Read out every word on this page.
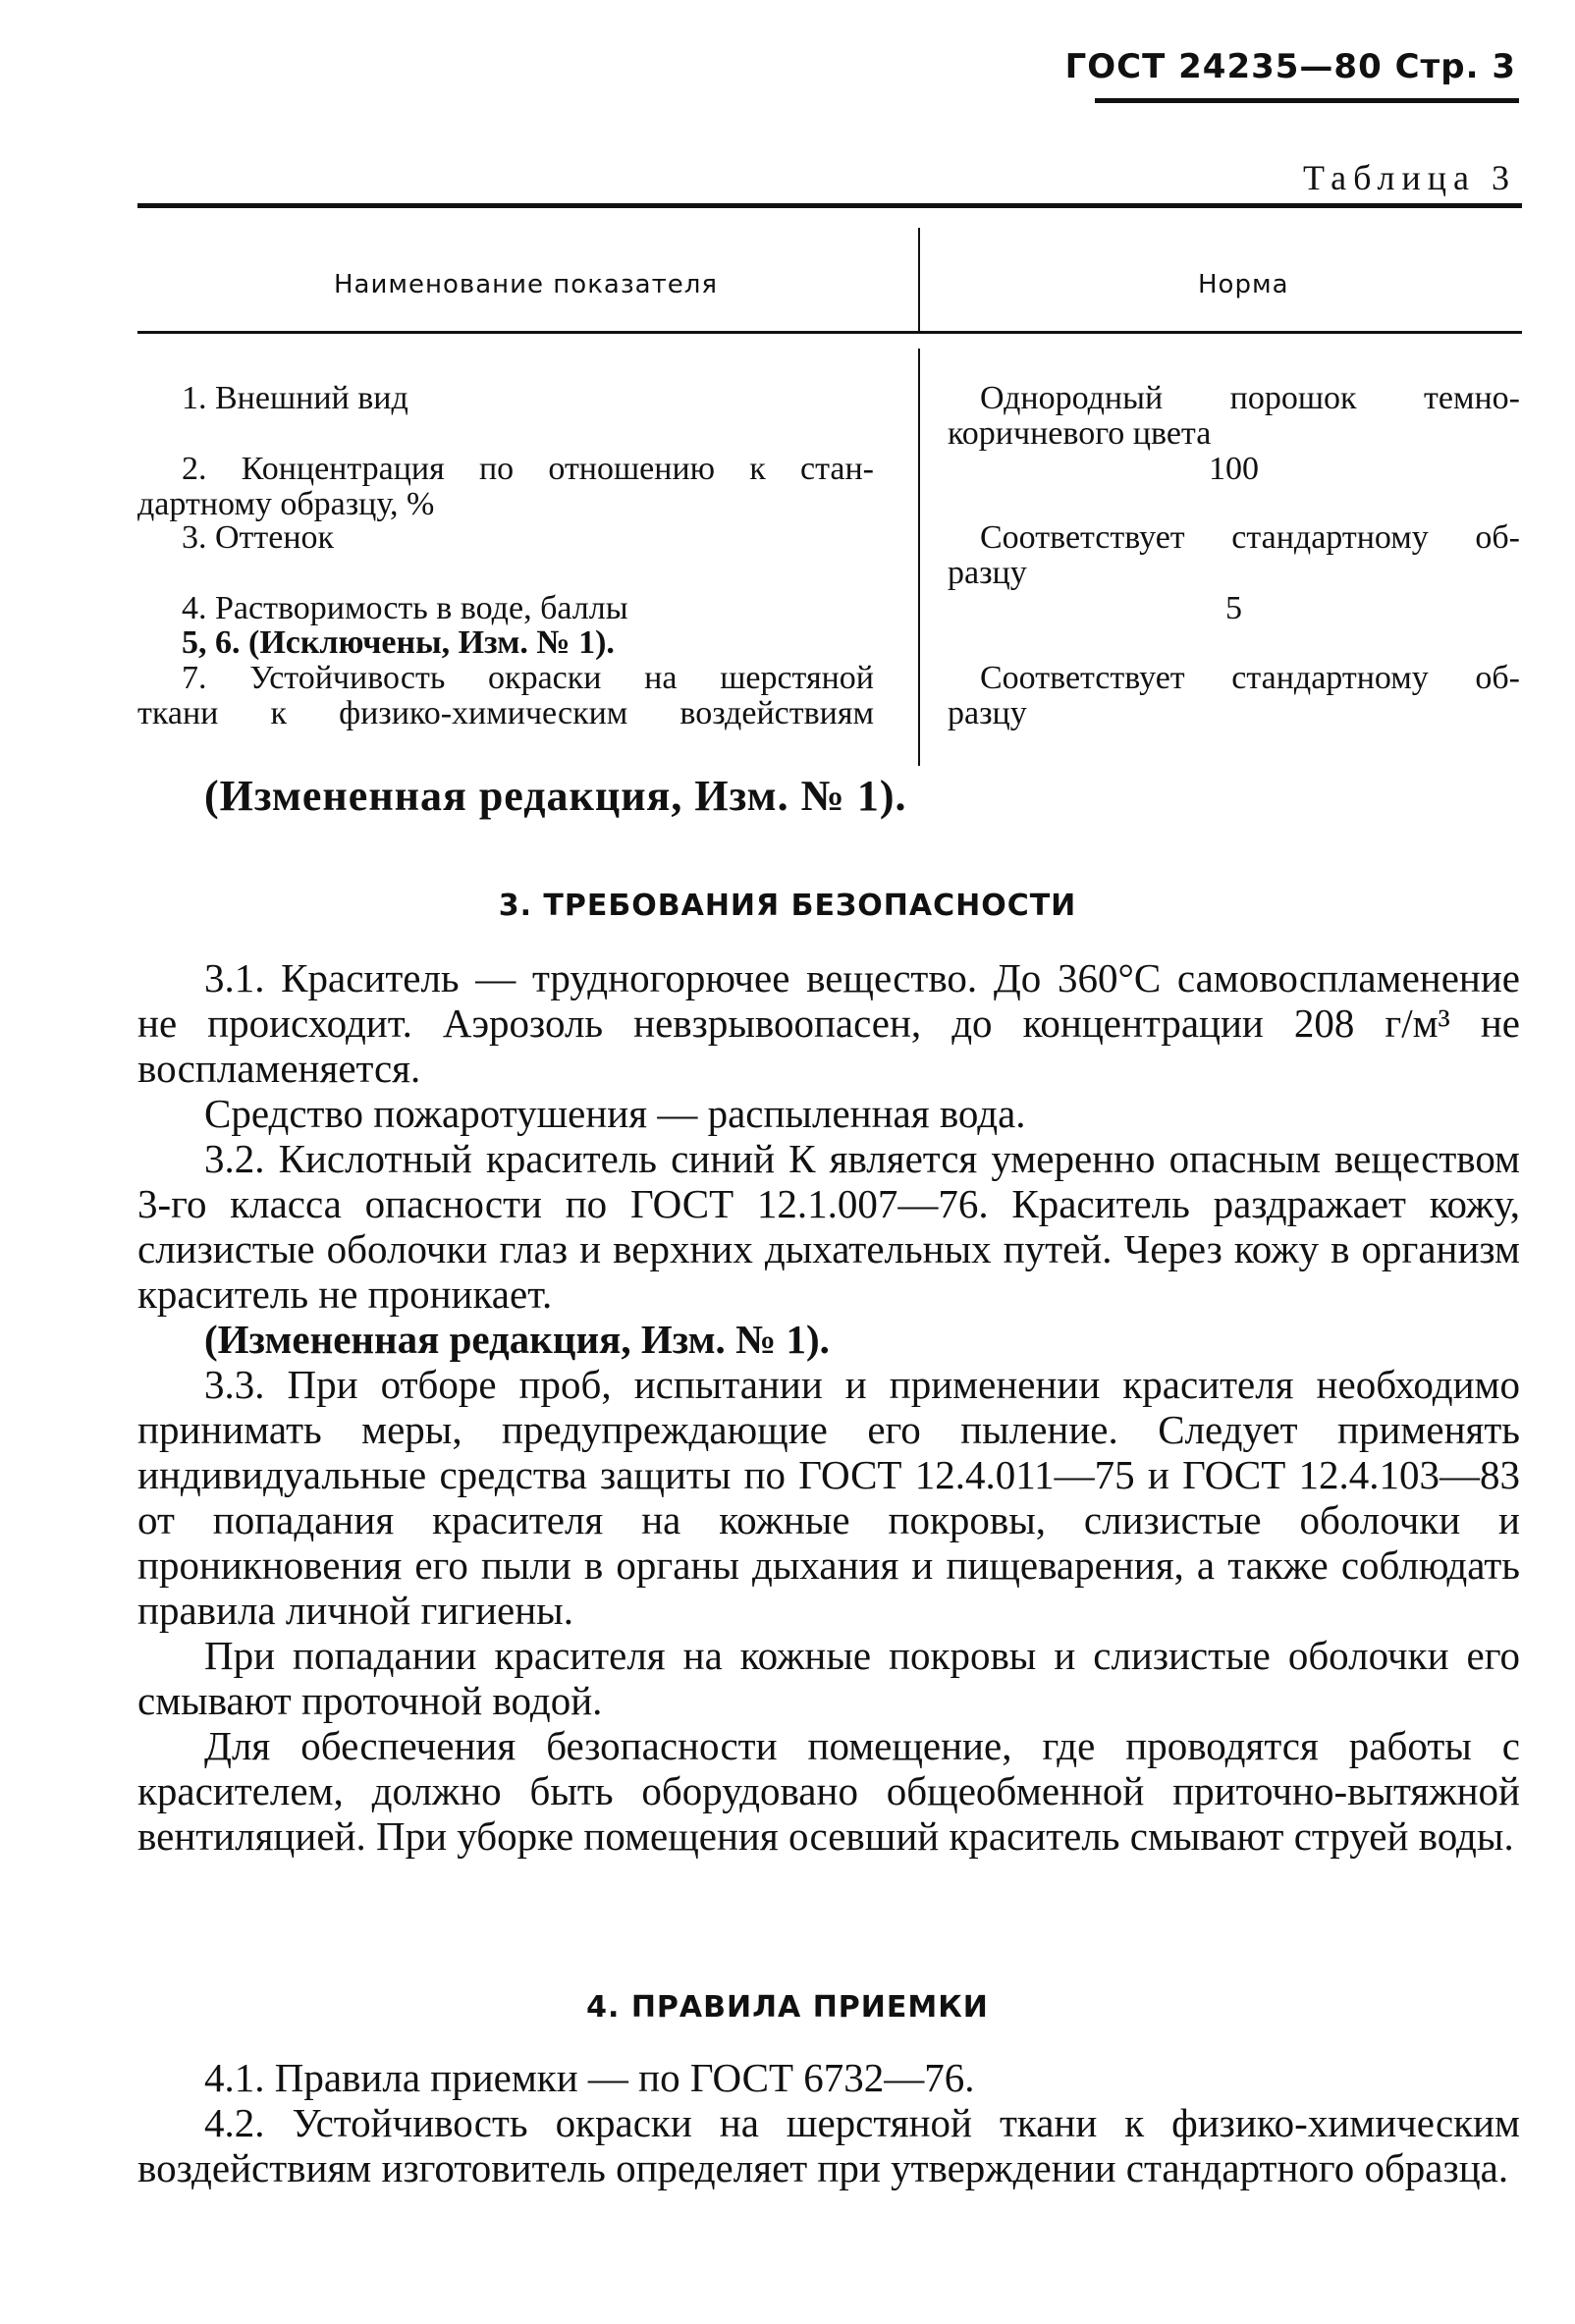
ГОСТ 24235—80 Стр. 3
Таблица 3
Наименование показателя	Норма
1. Внешний вид
2. Концентрация по отношению к стан-
дартному образцу, %
3. Оттенок
4. Растворимость в воде, баллы
5, 6. (Исключены, Изм. № 1).
7. Устойчивость окраски на шерстяной
ткани к физико-химическим воздействиям
Однородный порошок темно-
коричневого цвета
100
Соответствует стандартному об-
разцу
5
Соответствует стандартному об-
разцу
(Измененная редакция, Изм. № 1).
3. ТРЕБОВАНИЯ БЕЗОПАСНОСТИ

3.1. Краситель — трудногорючее вещество. До 360°С самовоспламенение не происходит. Аэрозоль невзрывоопасен, до концентрации 208 г/м³ не воспламеняется.

Средство пожаротушения — распыленная вода.

3.2. Кислотный краситель синий К является умеренно опасным веществом 3-го класса опасности по ГОСТ 12.1.007—76. Краситель раздражает кожу, слизистые оболочки глаз и верхних дыхательных путей. Через кожу в организм краситель не проникает.

(Измененная редакция, Изм. № 1).

3.3. При отборе проб, испытании и применении красителя необходимо принимать меры, предупреждающие его пыление. Следует применять индивидуальные средства защиты по ГОСТ 12.4.011—75 и ГОСТ 12.4.103—83 от попадания красителя на кожные покровы, слизистые оболочки и проникновения его пыли в органы дыхания и пищеварения, а также соблюдать правила личной гигиены.

При попадании красителя на кожные покровы и слизистые оболочки его смывают проточной водой.

Для обеспечения безопасности помещение, где проводятся работы с красителем, должно быть оборудовано общеобменной приточно-вытяжной вентиляцией. При уборке помещения осевший краситель смывают струей воды.

4. ПРАВИЛА ПРИЕМКИ

4.1. Правила приемки — по ГОСТ 6732—76.

4.2. Устойчивость окраски на шерстяной ткани к физико-химическим воздействиям изготовитель определяет при утверждении стандартного образца.
